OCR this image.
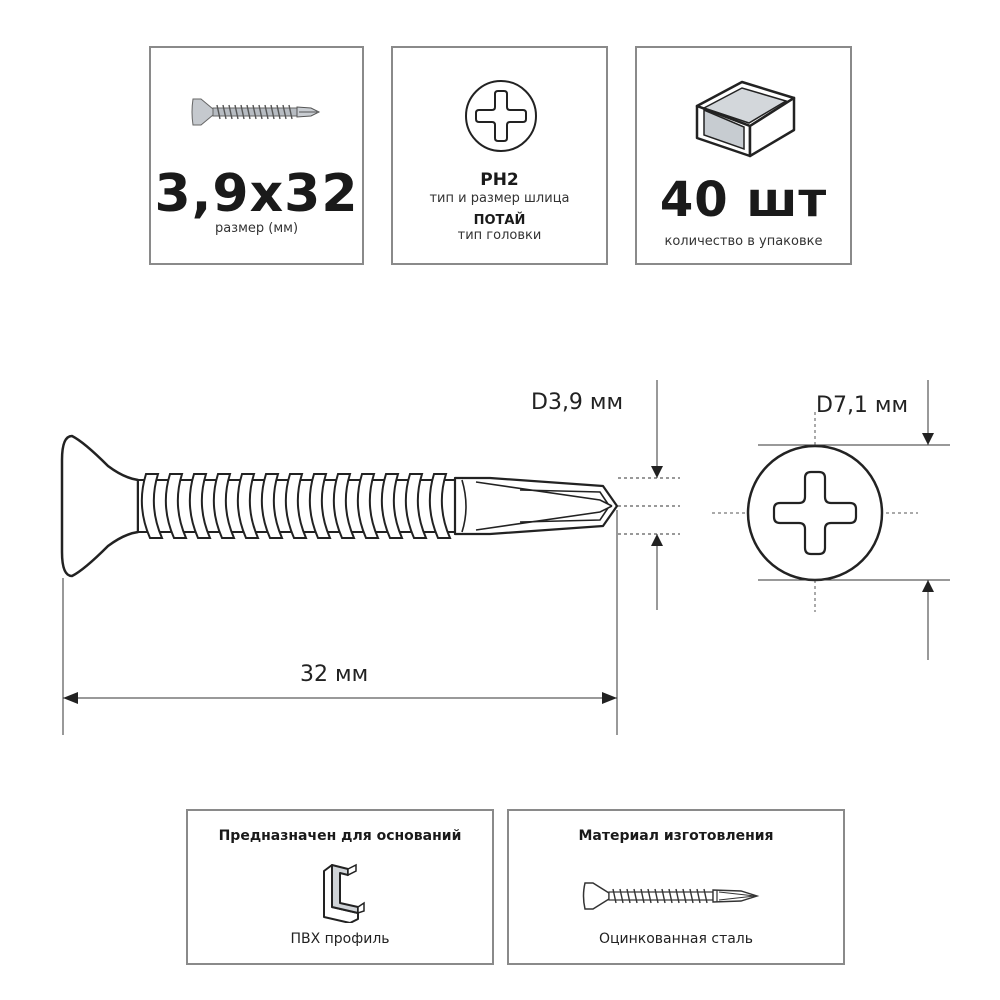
3,9x32
размер (мм)
PH2
тип и размер шлица
ПОТАЙ
тип головки
40 шт
количество в упаковке
D3,9 мм	D7,1 мм
32 мм
Предназначен для оснований
ПВХ профиль
Материал изготовления
Оцинкованная сталь
